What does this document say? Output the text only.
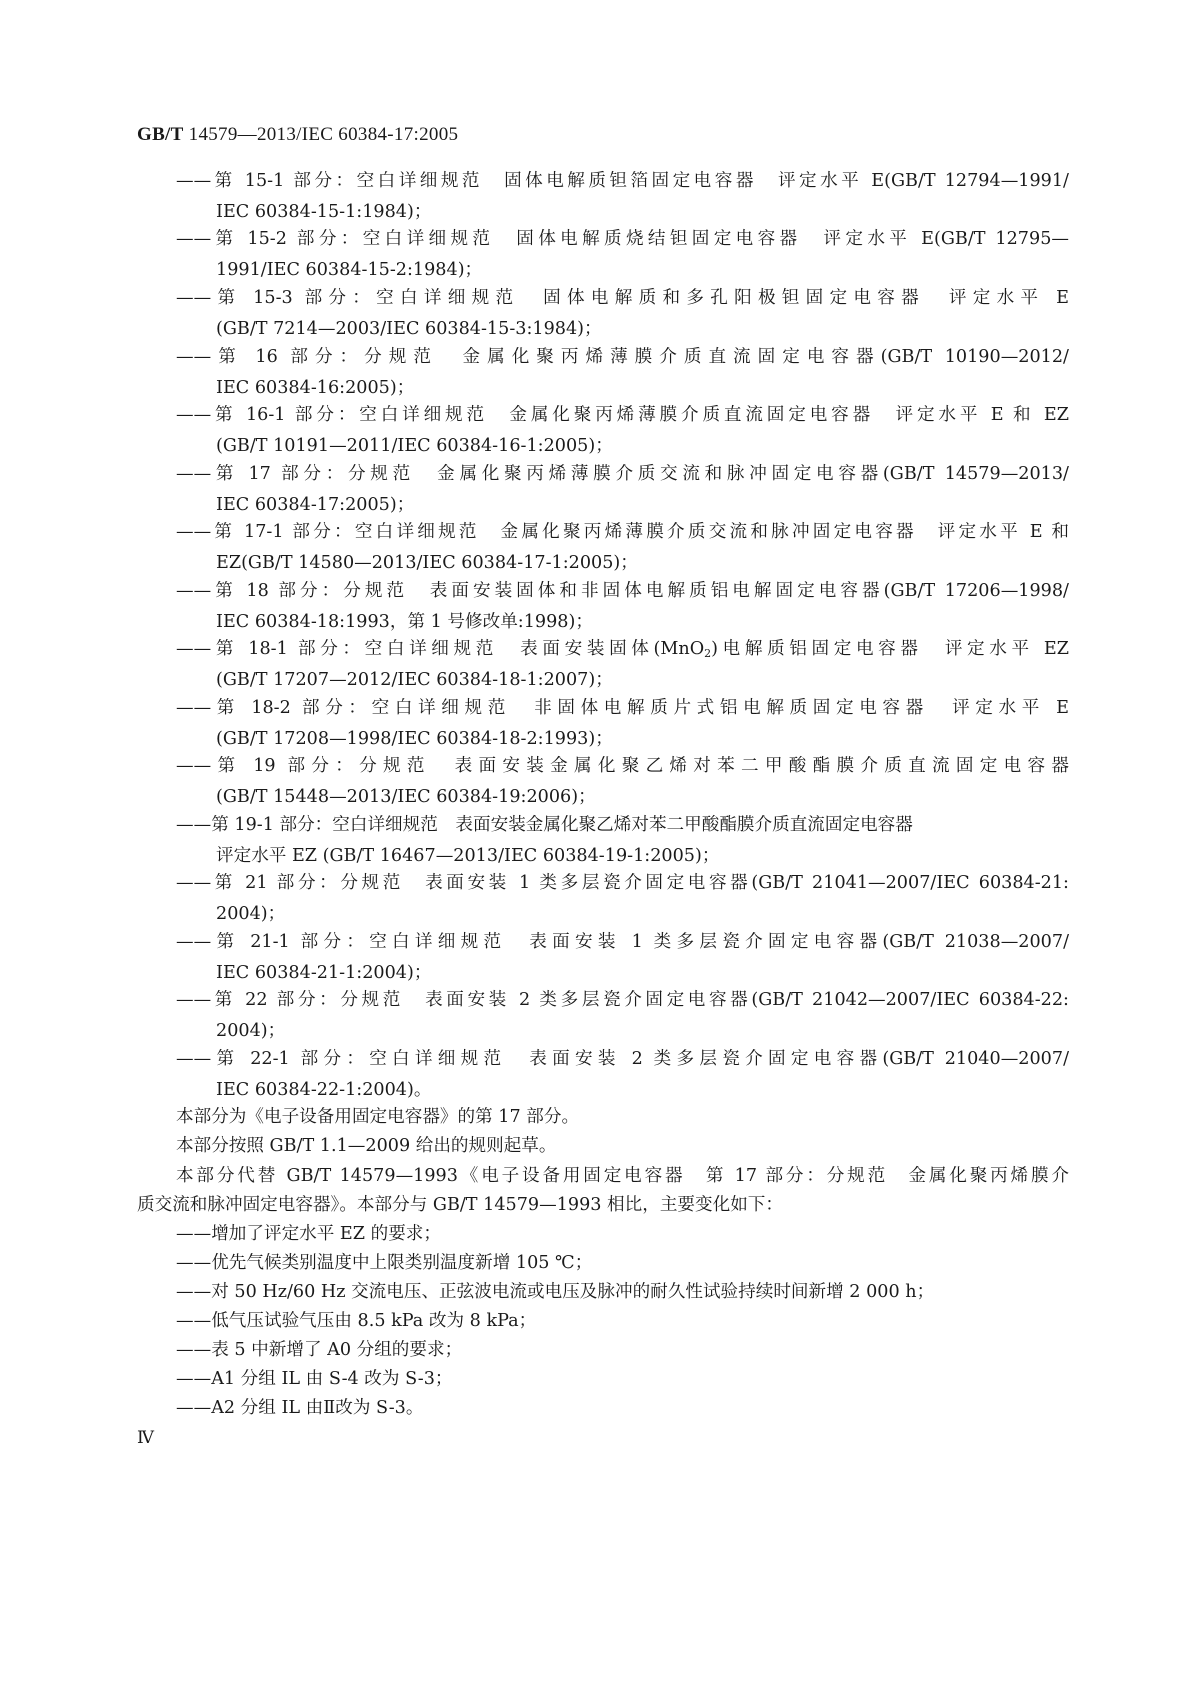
GB/T 14579—2013/IEC 60384-17:2005
——第 15-1 部分：空白详细规范　固体电解质钽箔固定电容器　评定水平 E(GB/T 12794—1991/
IEC 60384-15-1:1984)；
——第 15-2 部分：空白详细规范　固体电解质烧结钽固定电容器　评定水平 E(GB/T 12795—
1991/IEC 60384-15-2:1984)；
——第 15-3 部分：空白详细规范　固体电解质和多孔阳极钽固定电容器　评定水平 E
(GB/T 7214—2003/IEC 60384-15-3:1984)；
——第 16 部分：分规范　金属化聚丙烯薄膜介质直流固定电容器(GB/T 10190—2012/
IEC 60384-16:2005)；
——第 16-1 部分：空白详细规范　金属化聚丙烯薄膜介质直流固定电容器　评定水平 E 和 EZ
(GB/T 10191—2011/IEC 60384-16-1:2005)；
——第 17 部分：分规范　金属化聚丙烯薄膜介质交流和脉冲固定电容器(GB/T 14579—2013/
IEC 60384-17:2005)；
——第 17-1 部分：空白详细规范　金属化聚丙烯薄膜介质交流和脉冲固定电容器　评定水平 E 和
EZ(GB/T 14580—2013/IEC 60384-17-1:2005)；
——第 18 部分：分规范　表面安装固体和非固体电解质铝电解固定电容器(GB/T 17206—1998/
IEC 60384-18:1993，第 1 号修改单:1998)；
——第 18-1 部分：空白详细规范　表面安装固体(MnO$_2$)电解质铝固定电容器　评定水平 EZ
(GB/T 17207—2012/IEC 60384-18-1:2007)；
——第 18-2 部分：空白详细规范　非固体电解质片式铝电解质固定电容器　评定水平 E
(GB/T 17208—1998/IEC 60384-18-2:1993)；
——第 19 部分：分规范　表面安装金属化聚乙烯对苯二甲酸酯膜介质直流固定电容器
(GB/T 15448—2013/IEC 60384-19:2006)；
——第 19-1 部分：空白详细规范　表面安装金属化聚乙烯对苯二甲酸酯膜介质直流固定电容器
评定水平 EZ (GB/T 16467—2013/IEC 60384-19-1:2005)；
——第 21 部分：分规范　表面安装 1 类多层瓷介固定电容器(GB/T 21041—2007/IEC 60384-21:
2004)；
——第 21-1 部分：空白详细规范　表面安装 1 类多层瓷介固定电容器(GB/T 21038—2007/
IEC 60384-21-1:2004)；
——第 22 部分：分规范　表面安装 2 类多层瓷介固定电容器(GB/T 21042—2007/IEC 60384-22:
2004)；
——第 22-1 部分：空白详细规范　表面安装 2 类多层瓷介固定电容器(GB/T 21040—2007/
IEC 60384-22-1:2004)。
本部分为《电子设备用固定电容器》的第 17 部分。
本部分按照 GB/T 1.1—2009 给出的规则起草。
本部分代替 GB/T 14579—1993《电子设备用固定电容器　第 17 部分：分规范　金属化聚丙烯膜介
质交流和脉冲固定电容器》。本部分与 GB/T 14579—1993 相比，主要变化如下：
——增加了评定水平 EZ 的要求；
——优先气候类别温度中上限类别温度新增 105 ℃；
——对 50 Hz/60 Hz 交流电压、正弦波电流或电压及脉冲的耐久性试验持续时间新增 2 000 h；
——低气压试验气压由 8.5 kPa 改为 8 kPa；
——表 5 中新增了 A0 分组的要求；
——A1 分组 IL 由 S-4 改为 S-3；
——A2 分组 IL 由Ⅱ改为 S-3。
Ⅳ
